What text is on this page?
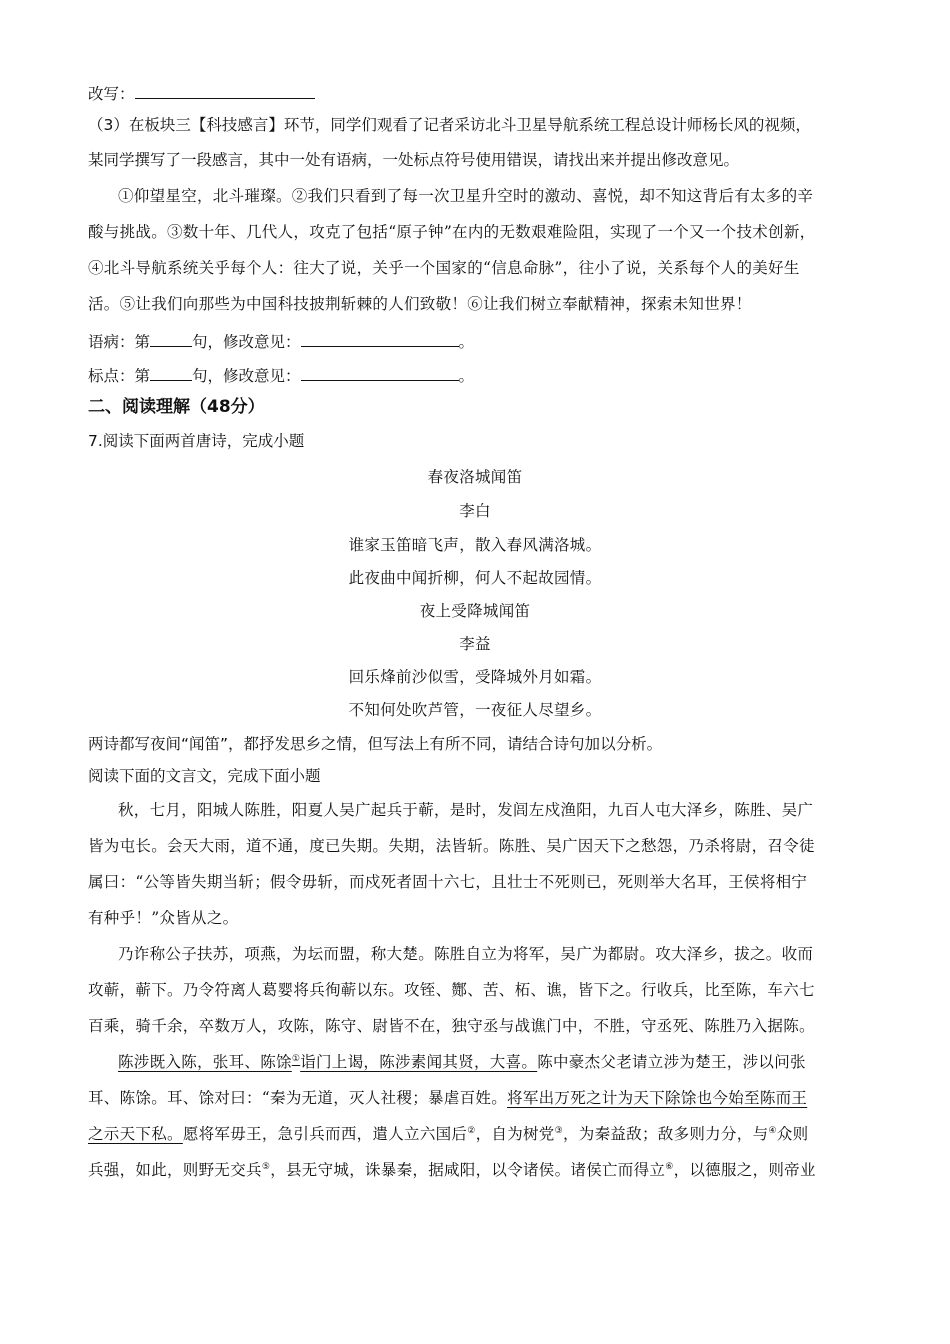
改写：
（3）在板块三【科技感言】环节，同学们观看了记者采访北斗卫星导航系统工程总设计师杨长风的视频，
某同学撰写了一段感言，其中一处有语病，一处标点符号使用错误，请找出来并提出修改意见。
①仰望星空，北斗璀璨。②我们只看到了每一次卫星升空时的激动、喜悦，却不知这背后有太多的辛
酸与挑战。③数十年、几代人，攻克了包括“原子钟”在内的无数艰难险阻，实现了一个又一个技术创新，
④北斗导航系统关乎每个人：往大了说，关乎一个国家的“信息命脉”，往小了说，关系每个人的美好生
活。⑤让我们向那些为中国科技披荆斩棘的人们致敬！⑥让我们树立奉献精神，探索未知世界！
语病：第	句，修改意见：	。
标点：第	句，修改意见：	。
二、阅读理解（48分）
7.阅读下面两首唐诗，完成小题
春夜洛城闻笛
李白
谁家玉笛暗飞声，散入春风满洛城。
此夜曲中闻折柳，何人不起故园情。
夜上受降城闻笛
李益
回乐烽前沙似雪，受降城外月如霜。
不知何处吹芦管，一夜征人尽望乡。
两诗都写夜间“闻笛”，都抒发思乡之情，但写法上有所不同，请结合诗句加以分析。
阅读下面的文言文，完成下面小题
秋，七月，阳城人陈胜，阳夏人吴广起兵于蕲，是时，发闾左戍渔阳，九百人屯大泽乡，陈胜、吴广
皆为屯长。会天大雨，道不通，度已失期。失期，法皆斩。陈胜、吴广因天下之愁怨，乃杀将尉，召令徒
属曰：“公等皆失期当斩；假令毋斩，而戍死者固十六七，且壮士不死则已，死则举大名耳，王侯将相宁
有种乎！”众皆从之。
乃诈称公子扶苏，项燕，为坛而盟，称大楚。陈胜自立为将军，吴广为都尉。攻大泽乡，拔之。收而
攻蕲，蕲下。乃令符离人葛婴将兵徇蕲以东。攻铚、酂、苦、柘、谯，皆下之。行收兵，比至陈，车六七
百乘，骑千余，卒数万人，攻陈，陈守、尉皆不在，独守丞与战谯门中，不胜，守丞死、陈胜乃入据陈。
陈涉既入陈，张耳、陈馀①诣门上谒，陈涉素闻其贤，大喜。陈中豪杰父老请立涉为楚王，涉以问张
耳、陈馀。耳、馀对曰：“秦为无道，灭人社稷；暴虐百姓。将军出万死之计为天下除馀也今始至陈而王
之示天下私。愿将军毋王，急引兵而西，遣人立六国后②，自为树党③，为秦益敌；敌多则力分，与④众则
兵强，如此，则野无交兵⑤，县无守城，诛暴秦，据咸阳，以令诸侯。诸侯亡而得立⑥，以德服之，则帝业
